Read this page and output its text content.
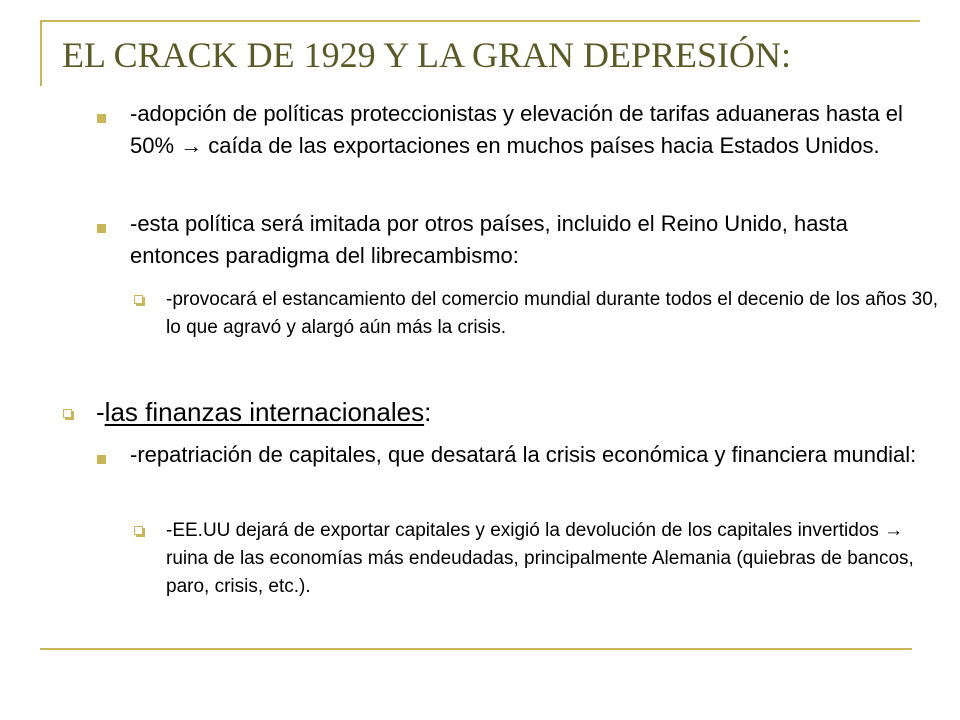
EL CRACK DE 1929 Y LA GRAN DEPRESIÓN:

-adopción de políticas proteccionistas y elevación de tarifas aduaneras hasta el 50% → caída de las exportaciones en muchos países hacia Estados Unidos.

-esta política será imitada por otros países, incluido el Reino Unido, hasta entonces paradigma del librecambismo:

-provocará el estancamiento del comercio mundial durante todos el decenio de los años 30, lo que agravó y alargó aún más la crisis.

-las finanzas internacionales:

-repatriación de capitales, que desatará la crisis económica y financiera mundial:

-EE.UU dejará de exportar capitales y exigió la devolución de los capitales invertidos → ruina de las economías más endeudadas, principalmente Alemania (quiebras de bancos, paro, crisis, etc.).
